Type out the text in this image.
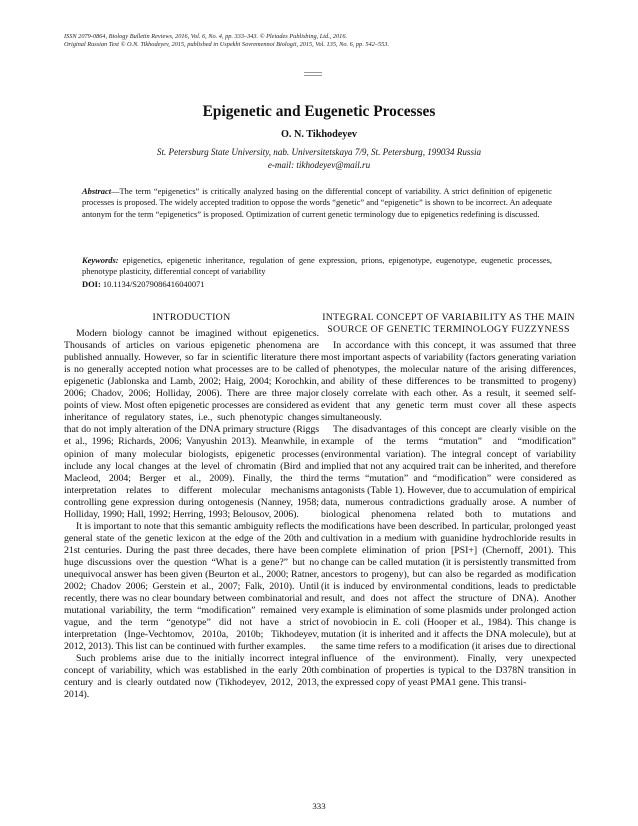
ISSN 2079-0864, Biology Bulletin Reviews, 2016, Vol. 6, No. 4, pp. 333–343. © Pleiades Publishing, Ltd., 2016.
Original Russian Text © O.N. Tikhodeyev, 2015, published in Uspekhi Sovremennoi Biologii, 2015, Vol. 135, No. 6, pp. 542–553.
Epigenetic and Eugenetic Processes
O. N. Tikhodeyev
St. Petersburg State University, nab. Universitetskaya 7/9, St. Petersburg, 199034 Russia
e-mail: tikhodeyev@mail.ru
Abstract—The term “epigenetics” is critically analyzed basing on the differential concept of variability. A strict definition of epigenetic processes is proposed. The widely accepted tradition to oppose the words “genetic” and “epigenetic” is shown to be incorrect. An adequate antonym for the term “epigenetics” is proposed. Optimization of current genetic terminology due to epigenetics redefining is discussed.
Keywords: epigenetics, epigenetic inheritance, regulation of gene expression, prions, epigenotype, eugenotype, eugenetic processes, phenotype plasticity, differential concept of variability
DOI: 10.1134/S2079086416040071
INTRODUCTION

Modern biology cannot be imagined without epigenetics. Thousands of articles on various epigenetic phenomena are published annually. However, so far in scientific literature there is no generally accepted notion what processes are to be called epigenetic (Jablonska and Lamb, 2002; Haig, 2004; Korochkin, 2006; Chadov, 2006; Holliday, 2006). There are three major points of view. Most often epigenetic processes are considered as inheritance of regulatory states, i.e., such phenotypic changes that do not imply alteration of the DNA primary structure (Riggs et al., 1996; Richards, 2006; Vanyushin 2013). Meanwhile, in opinion of many molecular biologists, epigenetic processes include any local changes at the level of chromatin (Bird and Macleod, 2004; Berger et al., 2009). Finally, the third interpretation relates to different molecular mechanisms controlling gene expression during ontogenesis (Nanney, 1958; Holliday, 1990; Hall, 1992; Herring, 1993; Belousov, 2006).

It is important to note that this semantic ambiguity reflects the general state of the genetic lexicon at the edge of the 20th and 21st centuries. During the past three decades, there have been huge discussions over the question “What is a gene?” but no unequivocal answer has been given (Beurton et al., 2000; Ratner, 2002; Chadov 2006; Gerstein et al., 2007; Falk, 2010). Until recently, there was no clear boundary between combinatorial and mutational variability, the term “modification” remained very vague, and the term “genotype” did not have a strict interpretation (Inge-Vechtomov, 2010a, 2010b; Tikhodeyev, 2012, 2013). This list can be continued with further examples.

Such problems arise due to the initially incorrect integral concept of variability, which was established in the early 20th century and is clearly outdated now (Tikhodeyev, 2012, 2013, 2014).

INTEGRAL CONCEPT OF VARIABILITY AS THE MAIN SOURCE OF GENETIC TERMINOLOGY FUZZYNESS

In accordance with this concept, it was assumed that three most important aspects of variability (factors generating variation of phenotypes, the molecular nature of the arising differences, and ability of these differences to be transmitted to progeny) closely correlate with each other. As a result, it seemed self-evident that any genetic term must cover all these aspects simultaneously.

The disadvantages of this concept are clearly visible on the example of the terms “mutation” and “modification” (environmental variation). The integral concept of variability implied that not any acquired trait can be inherited, and therefore the terms “mutation” and “modification” were considered as antagonists (Table 1). However, due to accumulation of empirical data, numerous contradictions gradually arose. A number of biological phenomena related both to mutations and modifications have been described. In particular, prolonged yeast cultivation in a medium with guanidine hydrochloride results in complete elimination of prion [PSI+] (Chernoff, 2001). This change can be called mutation (it is persistently transmitted from ancestors to progeny), but can also be regarded as modification (it is induced by environmental conditions, leads to predictable result, and does not affect the structure of DNA). Another example is elimination of some plasmids under prolonged action of novobiocin in E. coli (Hooper et al., 1984). This change is mutation (it is inherited and it affects the DNA molecule), but at the same time refers to a modification (it arises due to directional influence of the environment). Finally, very unexpected combination of properties is typical to the D378N transition in the expressed copy of yeast PMA1 gene. This transi-

333
